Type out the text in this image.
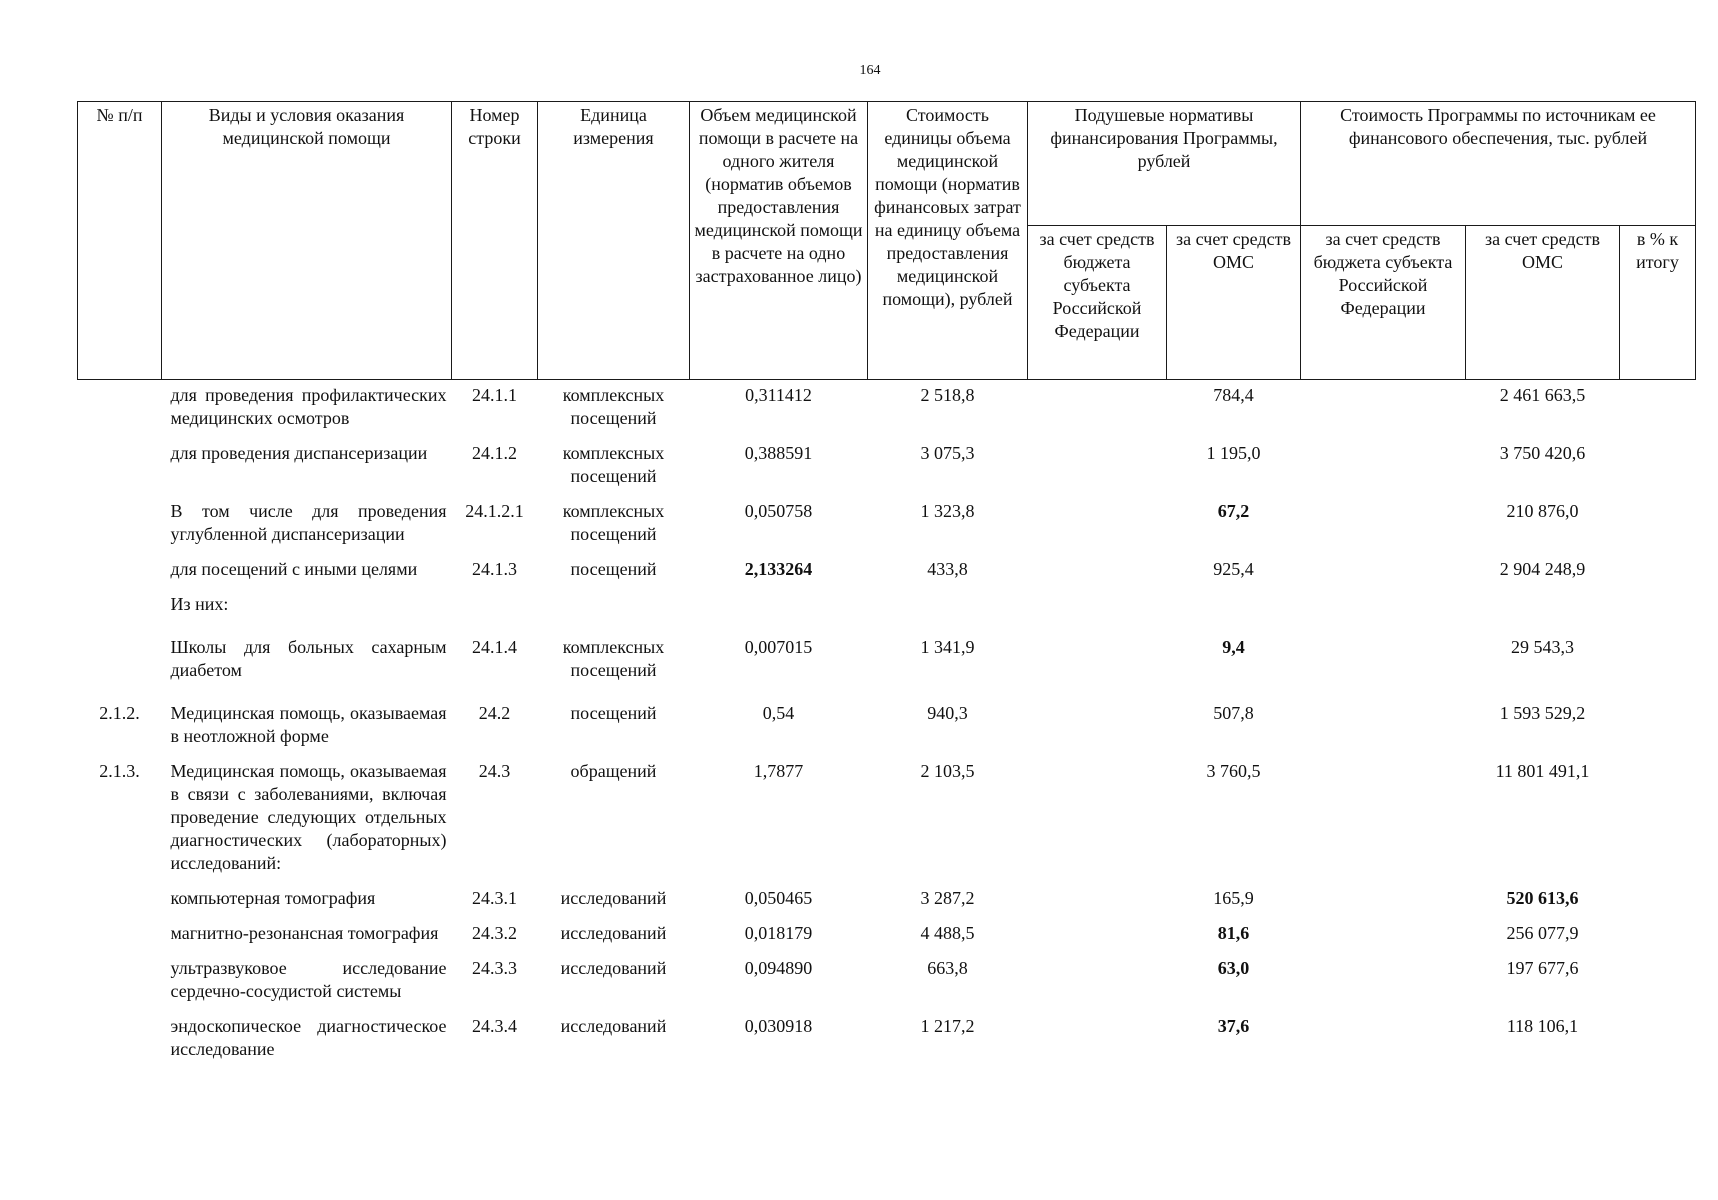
164
№ п/п	Виды и условия оказания медицинской помощи	Номер строки	Единица измерения	Объем медицинской помощи в расчете на одного жителя (норматив объемов предоставления медицинской помощи в расчете на одно застрахованное лицо)	Стоимость единицы объема медицинской помощи (норматив финансовых затрат на единицу объема предоставления медицинской помощи), рублей	Подушевые нормативы финансирования Программы, рублей		Стоимость Программы по источникам ее финансового обеспечения, тыс. рублей		
						за счет средств бюджета субъекта Российской Федерации	за счет средств ОМС	за счет средств бюджета субъекта Российской Федерации	за счет средств ОМС	в % к итогу
	для проведения профилактических медицинских осмотров	24.1.1	комплексных посещений	0,311412	2 518,8		784,4		2 461 663,5	
	для проведения диспансеризации	24.1.2	комплексных посещений	0,388591	3 075,3		1 195,0		3 750 420,6	
	В том числе для проведения углубленной диспансеризации	24.1.2.1	комплексных посещений	0,050758	1 323,8		67,2		210 876,0	
	для посещений с иными целями	24.1.3	посещений	2,133264	433,8		925,4		2 904 248,9	
	Из них:									
	Школы для больных сахарным диабетом	24.1.4	комплексных посещений	0,007015	1 341,9		9,4		29 543,3	
2.1.2.	Медицинская помощь, оказываемая в неотложной форме	24.2	посещений	0,54	940,3		507,8		1 593 529,2	
2.1.3.	Медицинская помощь, оказываемая в связи с заболеваниями, включая проведение следующих отдельных диагностических (лабораторных) исследований:	24.3	обращений	1,7877	2 103,5		3 760,5		11 801 491,1	
	компьютерная томография	24.3.1	исследований	0,050465	3 287,2		165,9		520 613,6	
	магнитно-резонансная томография	24.3.2	исследований	0,018179	4 488,5		81,6		256 077,9	
	ультразвуковое исследование сердечно-сосудистой системы	24.3.3	исследований	0,094890	663,8		63,0		197 677,6	
	эндоскопическое диагностическое исследование	24.3.4	исследований	0,030918	1 217,2		37,6		118 106,1	
